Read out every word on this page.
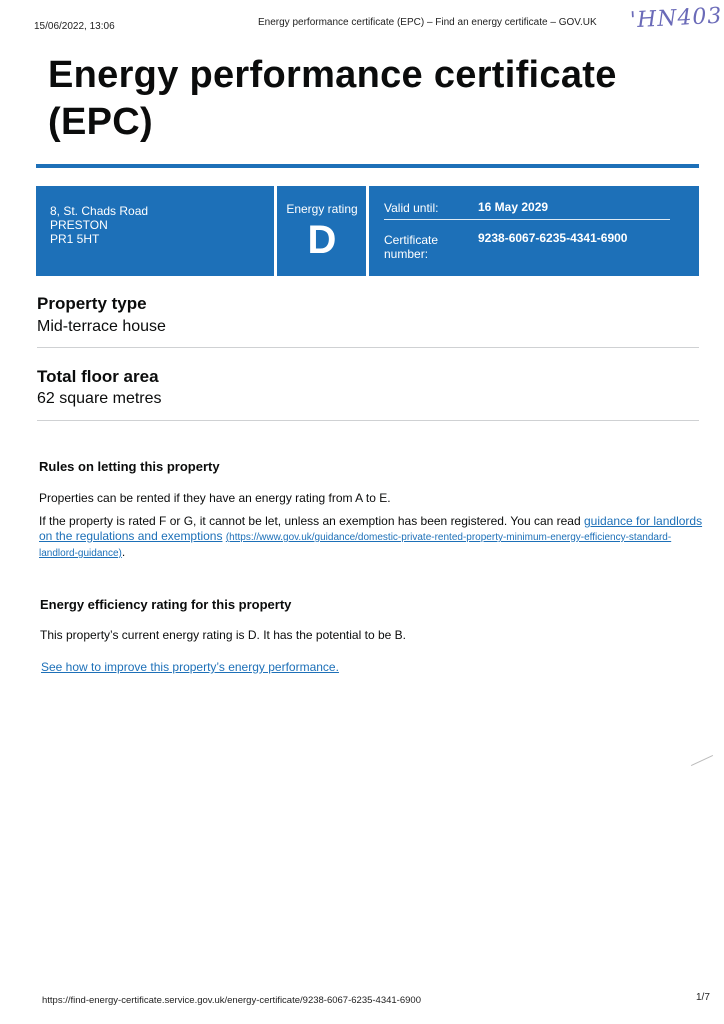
15/06/2022, 13:06	Energy performance certificate (EPC) – Find an energy certificate – GOV.UK 'HN403
Energy performance certificate (EPC)
8, St. Chads Road
PRESTON
PR1 5HT
Energy rating
D
Valid until:	16 May 2029
Certificate
number:
9238-6067-6235-4341-6900
Property type
Mid-terrace house
Total floor area
62 square metres
Rules on letting this property
Properties can be rented if they have an energy rating from A to E.
If the property is rated F or G, it cannot be let, unless an exemption has been registered. You can read guidance for landlords on the regulations and exemptions (https://www.gov.uk/guidance/domestic-private-rented-property-minimum-energy-efficiency-standard-landlord-guidance).
Energy efficiency rating for this property
This property’s current energy rating is D. It has the potential to be B.
See how to improve this property’s energy performance.
https://find-energy-certificate.service.gov.uk/energy-certificate/9238-6067-6235-4341-6900	1/7
